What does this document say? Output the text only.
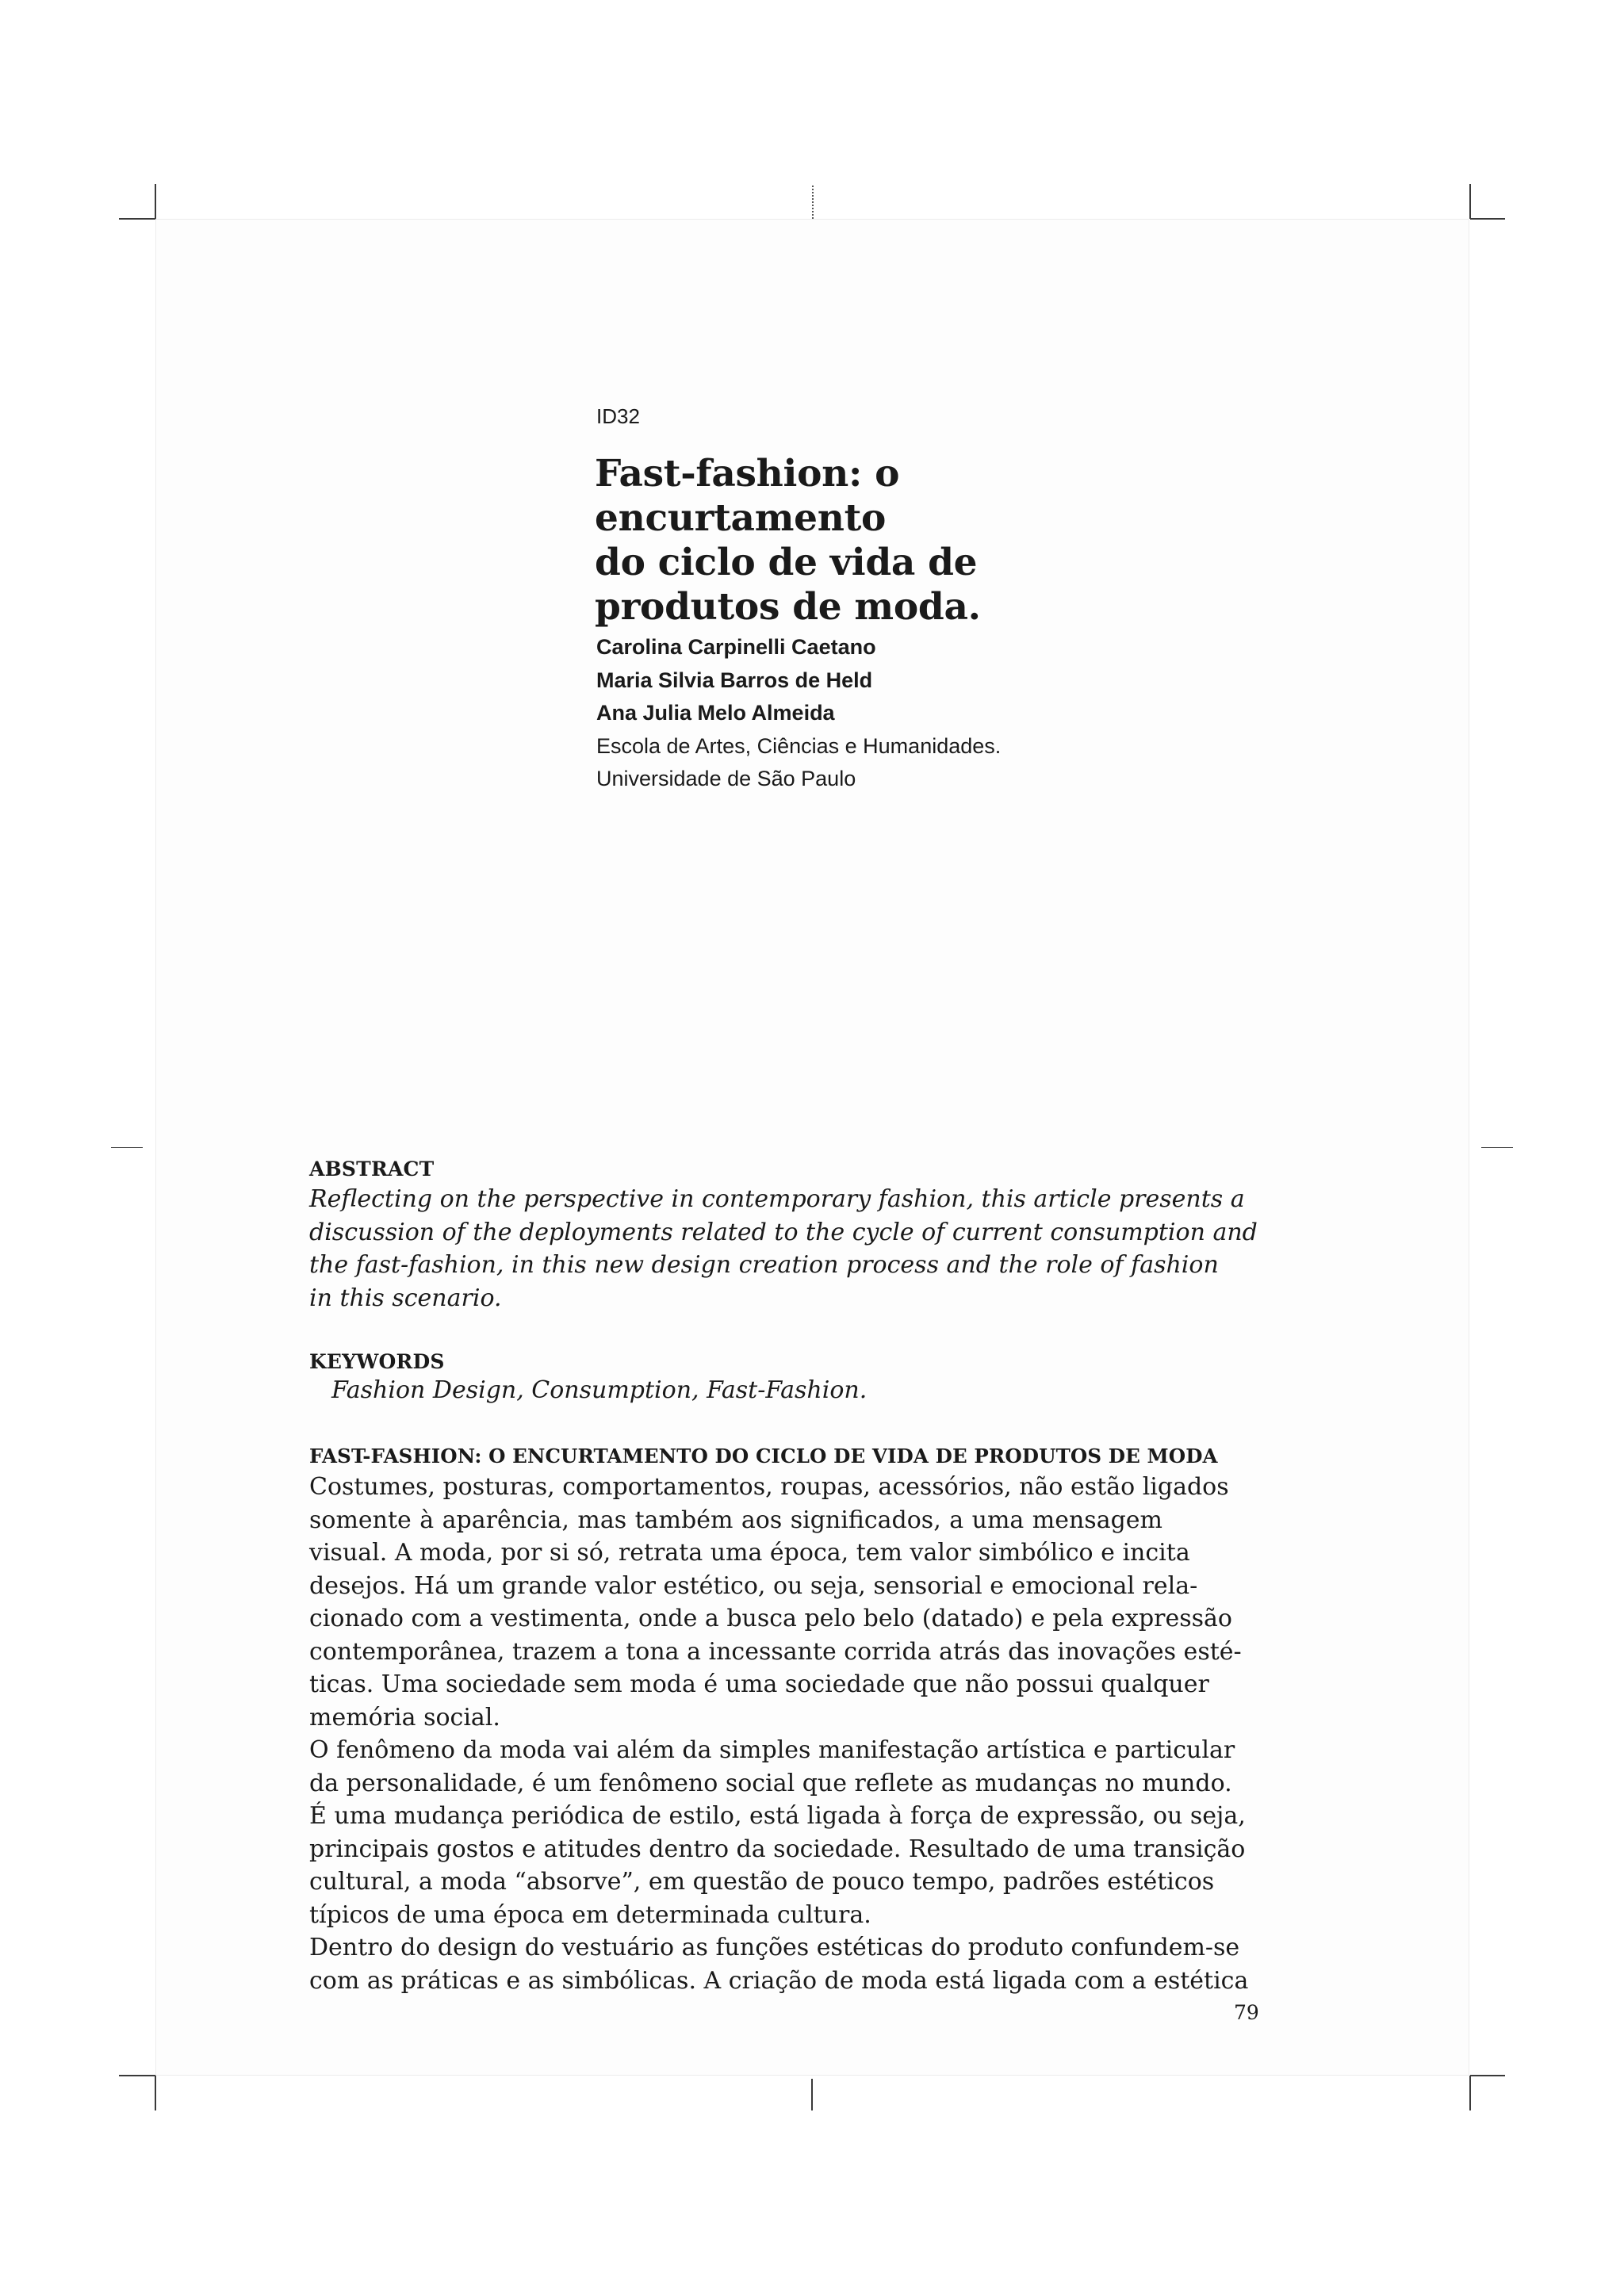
ID32
Fast-fashion: o encurtamento
do ciclo de vida de
produtos de moda.
Carolina Carpinelli Caetano
Maria Silvia Barros de Held
Ana Julia Melo Almeida
Escola de Artes, Ciências e Humanidades.
Universidade de São Paulo
ABSTRACT
Reflecting on the perspective in contemporary fashion, this article presents a
discussion of the deployments related to the cycle of current consumption and
the fast-fashion, in this new design creation process and the role of fashion
in this scenario.
KEYWORDS
Fashion Design, Consumption, Fast-Fashion.
FAST-FASHION: O ENCURTAMENTO DO CICLO DE VIDA DE PRODUTOS DE MODA
Costumes, posturas, comportamentos, roupas, acessórios, não estão ligados
somente à aparência, mas também aos significados, a uma mensagem
visual. A moda, por si só, retrata uma época, tem valor simbólico e incita
desejos. Há um grande valor estético, ou seja, sensorial e emocional rela-
cionado com a vestimenta, onde a busca pelo belo (datado) e pela expressão
contemporânea, trazem a tona a incessante corrida atrás das inovações esté-
ticas. Uma sociedade sem moda é uma sociedade que não possui qualquer
memória social.
O fenômeno da moda vai além da simples manifestação artística e particular
da personalidade, é um fenômeno social que reflete as mudanças no mundo.
É uma mudança periódica de estilo, está ligada à força de expressão, ou seja,
principais gostos e atitudes dentro da sociedade. Resultado de uma transição
cultural, a moda “absorve”, em questão de pouco tempo, padrões estéticos
típicos de uma época em determinada cultura.
Dentro do design do vestuário as funções estéticas do produto confundem-se
com as práticas e as simbólicas. A criação de moda está ligada com a estética
79
